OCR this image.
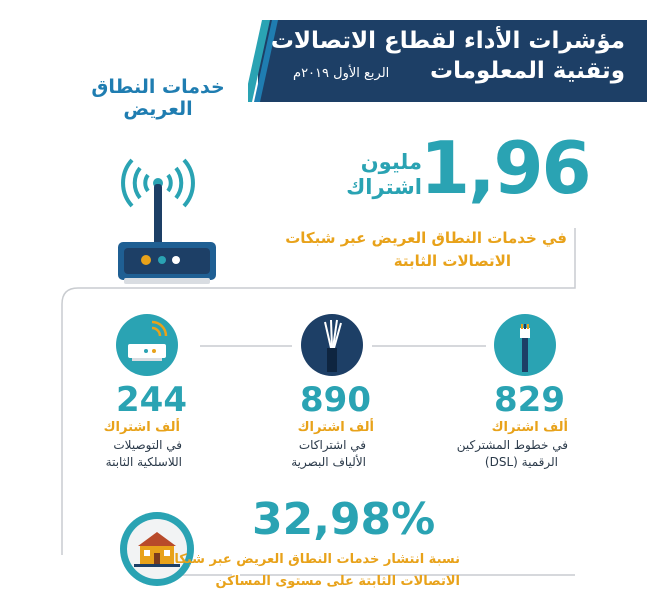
مؤشرات الأداء لقطاع الاتصالات
وتقنية المعلومات
الربع الأول ٢٠١٩م
خدمات النطاق
العريض
1,96
مليون
اشتراك
في خدمات النطاق العريض عبر شبكات
الاتصالات الثابتة
829
ألف اشتراك
في خطوط المشتركين
الرقمية (DSL)
890
ألف اشتراك
في اشتراكات
الألياف البصرية
244
ألف اشتراك
في التوصيلات
اللاسلكية الثابتة
32,98%
نسبة انتشار خدمات النطاق العريض عبر شبكات
الاتصالات الثابتة على مستوى المساكن
